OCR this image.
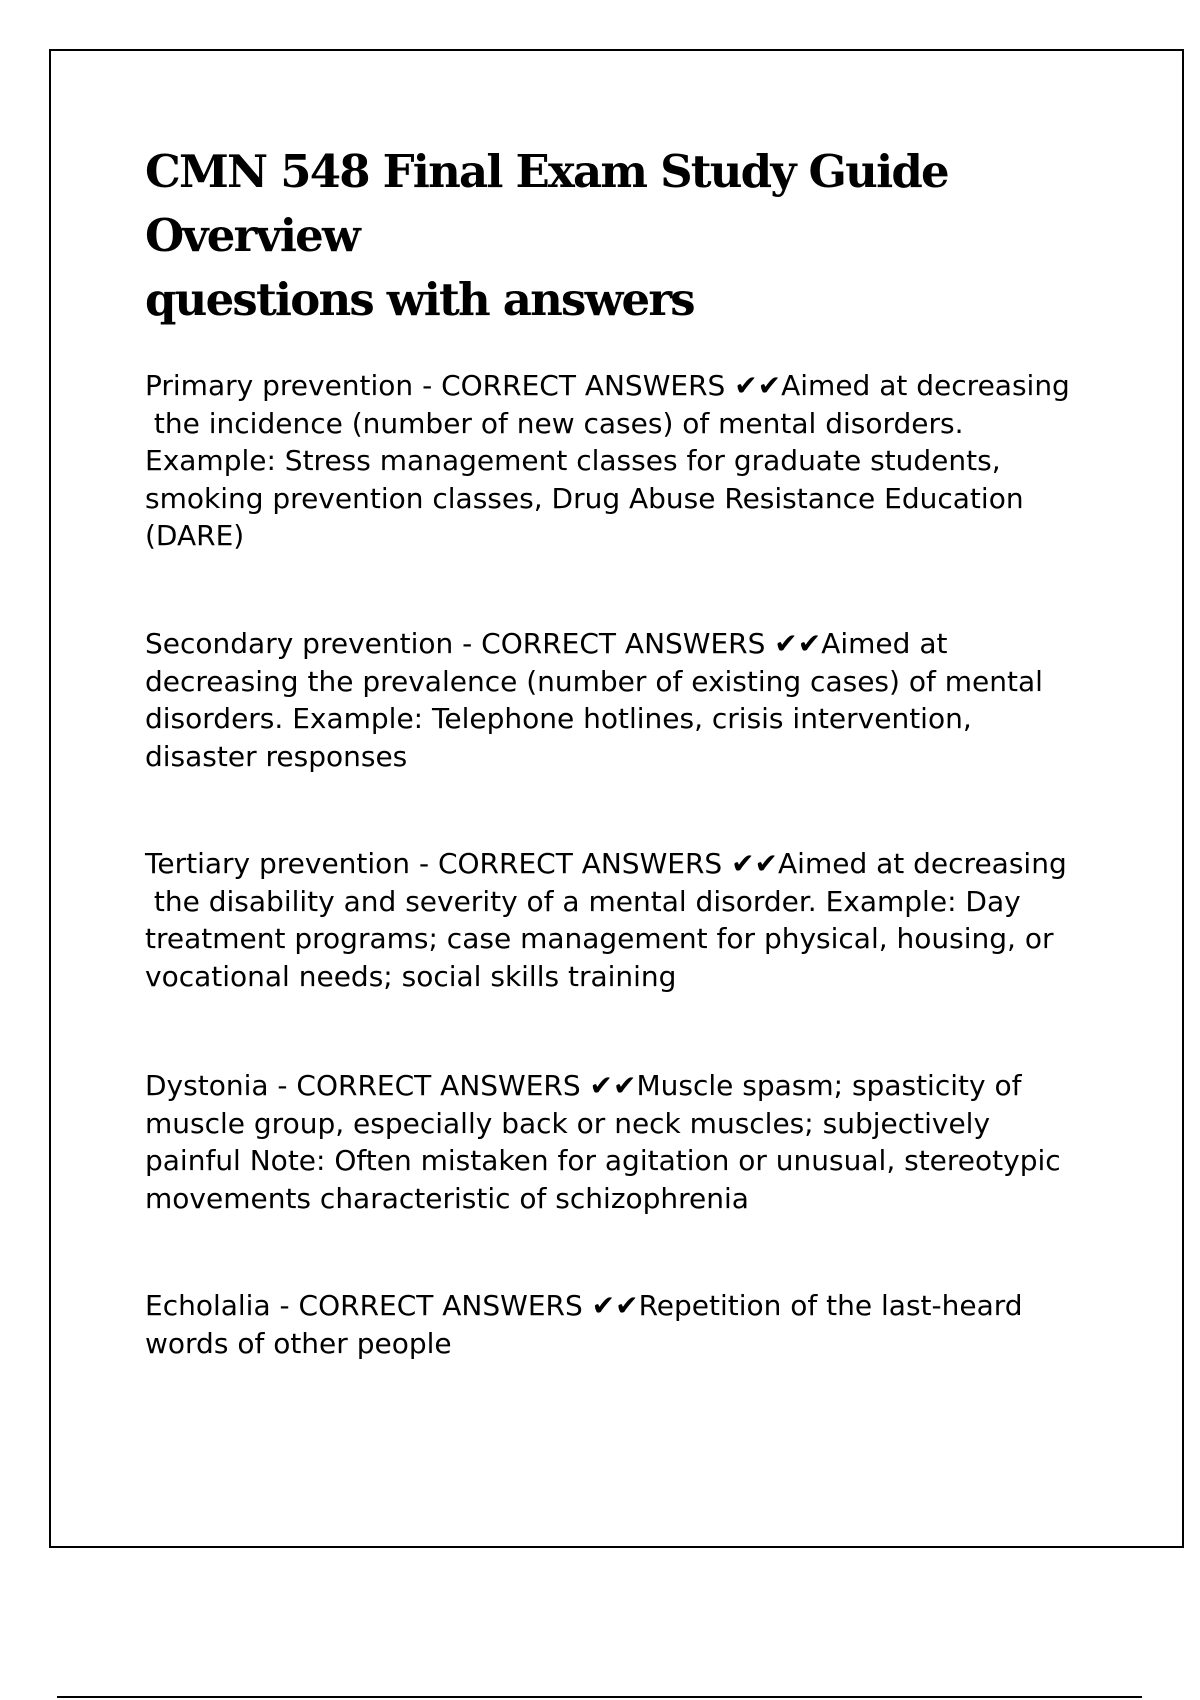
CMN 548 Final Exam Study Guide Overview
questions with answers

Primary prevention - CORRECT ANSWERS ✔✔Aimed at decreasing
the incidence (number of new cases) of mental disorders.
Example: Stress management classes for graduate students,
smoking prevention classes, Drug Abuse Resistance Education
(DARE)

Secondary prevention - CORRECT ANSWERS ✔✔Aimed at
decreasing the prevalence (number of existing cases) of mental
disorders. Example: Telephone hotlines, crisis intervention,
disaster responses

Tertiary prevention - CORRECT ANSWERS ✔✔Aimed at decreasing
the disability and severity of a mental disorder. Example: Day
treatment programs; case management for physical, housing, or
vocational needs; social skills training

Dystonia - CORRECT ANSWERS ✔✔Muscle spasm; spasticity of
muscle group, especially back or neck muscles; subjectively
painful Note: Often mistaken for agitation or unusual, stereotypic
movements characteristic of schizophrenia

Echolalia - CORRECT ANSWERS ✔✔Repetition of the last-heard
words of other people
